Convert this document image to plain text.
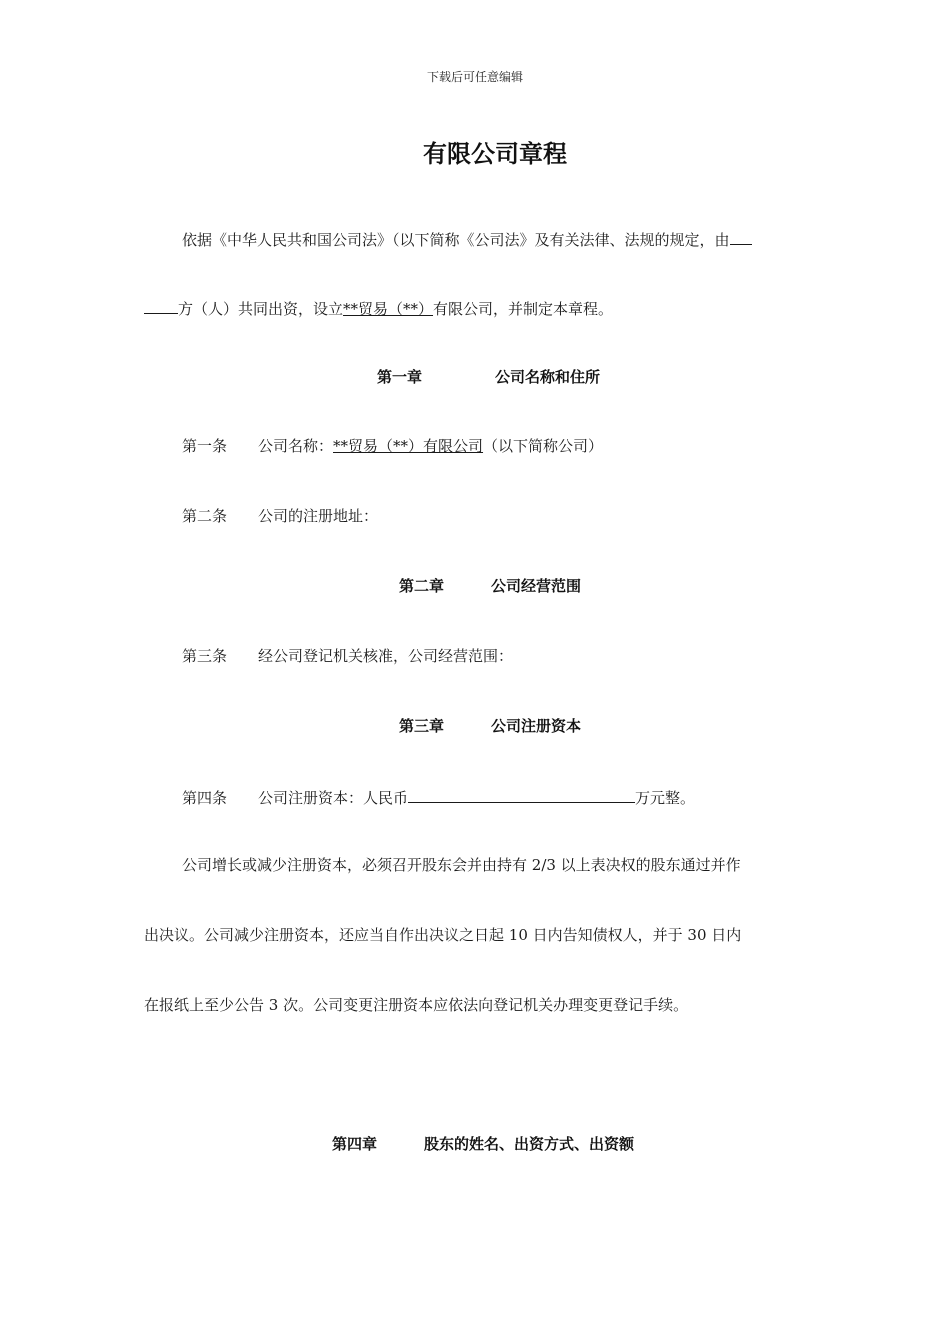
下载后可任意编辑
有限公司章程
依据《中华人民共和国公司法》（以下简称《公司法》及有关法律、法规的规定，由
方（人）共同出资，设立**贸易（**）有限公司，并制定本章程。
第一章	公司名称和住所
第一条 公司名称：**贸易（**）有限公司（以下简称公司）
第二条 公司的注册地址：
第二章	公司经营范围
第三条 经公司登记机关核准，公司经营范围：
第三章	公司注册资本
第四条 公司注册资本：人民币	万元整。
公司增长或减少注册资本，必须召开股东会并由持有 2/3 以上表决权的股东通过并作
出决议。公司减少注册资本，还应当自作出决议之日起 10 日内告知债权人，并于 30 日内
在报纸上至少公告 3 次。公司变更注册资本应依法向登记机关办理变更登记手续。
第四章	股东的姓名、出资方式、出资额
